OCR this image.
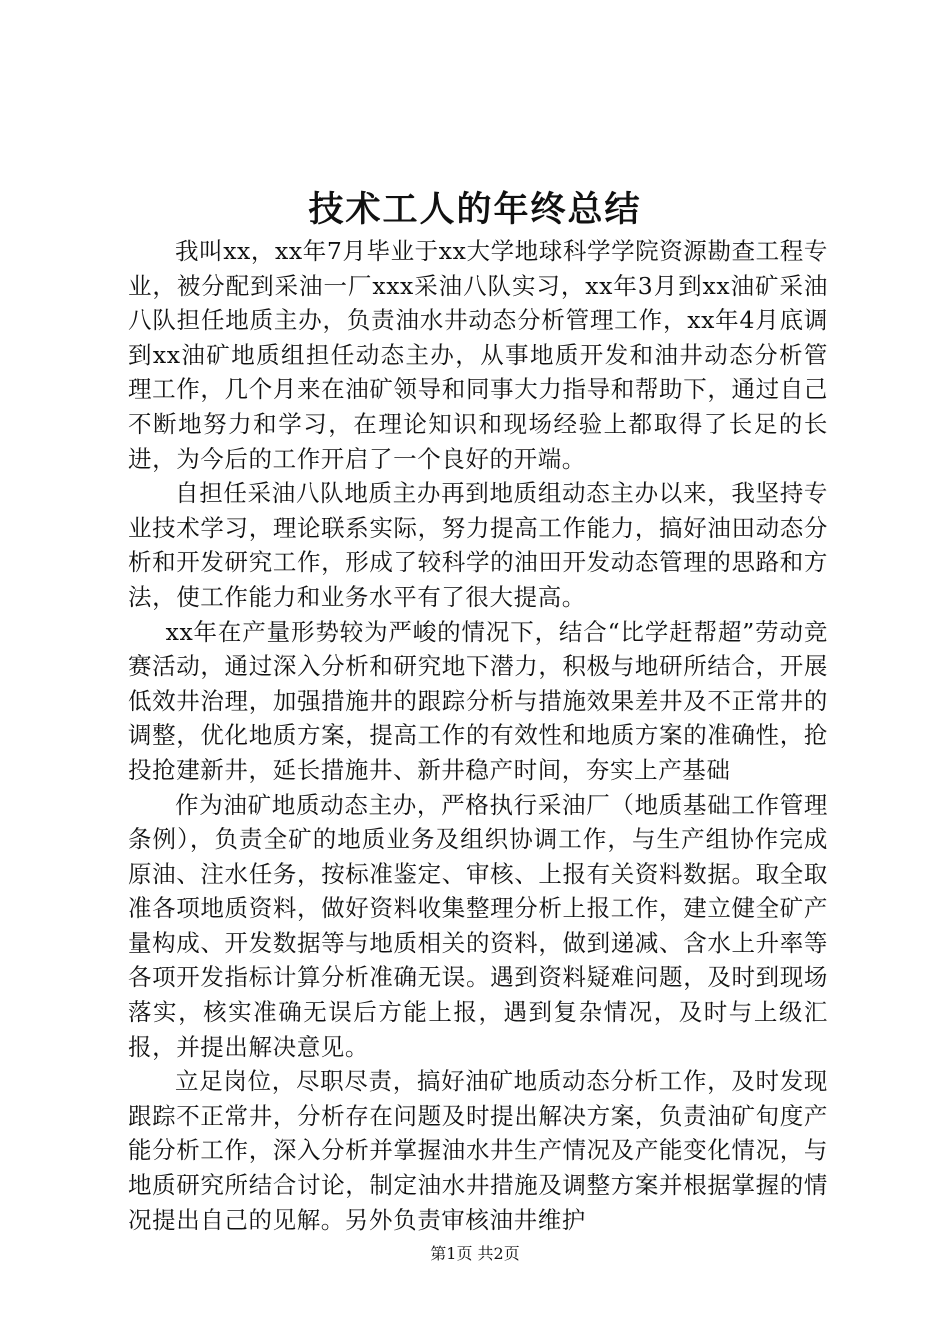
技术工人的年终总结

我叫xx，xx年7月毕业于xx大学地球科学学院资源勘查工程专业，被分配到采油一厂xxx采油八队实习，xx年3月到xx油矿采油八队担任地质主办，负责油水井动态分析管理工作，xx年4月底调到xx油矿地质组担任动态主办，从事地质开发和油井动态分析管理工作，几个月来在油矿领导和同事大力指导和帮助下，通过自己不断地努力和学习，在理论知识和现场经验上都取得了长足的长进，为今后的工作开启了一个良好的开端。

自担任采油八队地质主办再到地质组动态主办以来，我坚持专业技术学习，理论联系实际，努力提高工作能力，搞好油田动态分析和开发研究工作，形成了较科学的油田开发动态管理的思路和方法，使工作能力和业务水平有了很大提高。

xx年在产量形势较为严峻的情况下，结合“比学赶帮超”劳动竞赛活动，通过深入分析和研究地下潜力，积极与地研所结合，开展低效井治理，加强措施井的跟踪分析与措施效果差井及不正常井的调整，优化地质方案，提高工作的有效性和地质方案的准确性，抢投抢建新井，延长措施井、新井稳产时间，夯实上产基础

作为油矿地质动态主办，严格执行采油厂（地质基础工作管理条例），负责全矿的地质业务及组织协调工作，与生产组协作完成原油、注水任务，按标准鉴定、审核、上报有关资料数据。取全取准各项地质资料，做好资料收集整理分析上报工作，建立健全矿产量构成、开发数据等与地质相关的资料，做到递减、含水上升率等各项开发指标计算分析准确无误。遇到资料疑难问题，及时到现场落实，核实准确无误后方能上报，遇到复杂情况，及时与上级汇报，并提出解决意见。

立足岗位，尽职尽责，搞好油矿地质动态分析工作，及时发现跟踪不正常井，分析存在问题及时提出解决方案，负责油矿旬度产能分析工作，深入分析并掌握油水井生产情况及产能变化情况，与地质研究所结合讨论，制定油水井措施及调整方案并根据掌握的情况提出自己的见解。另外负责审核油井维护

第1页 共2页
